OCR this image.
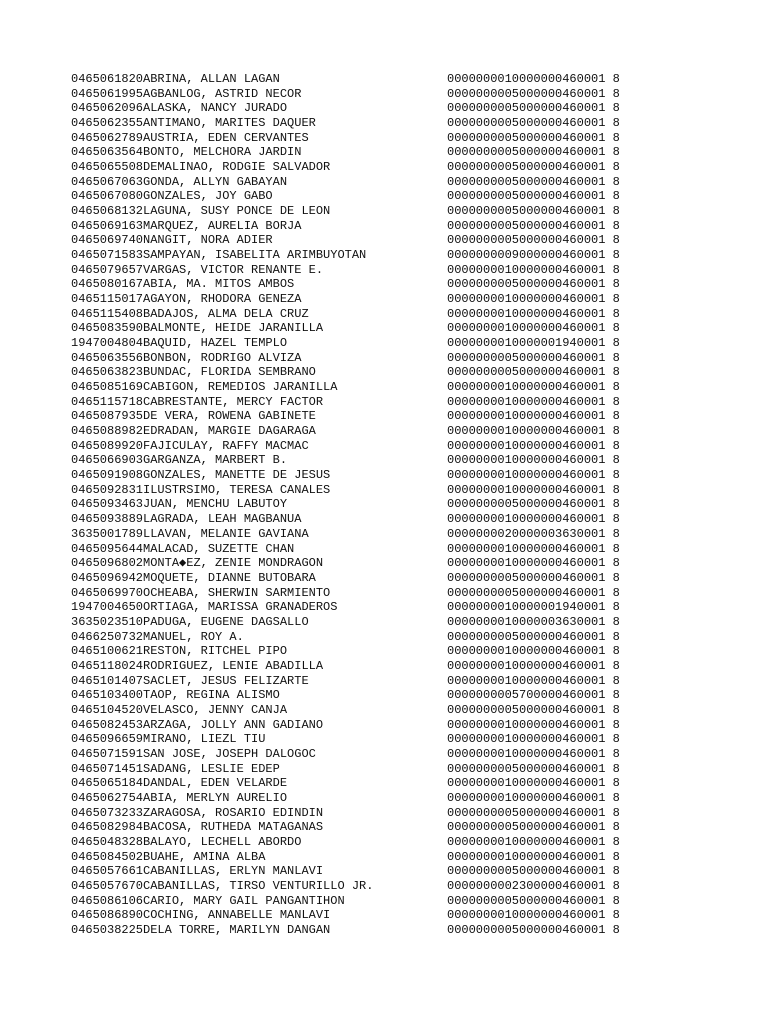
0465061820ABRINA, ALLAN LAGAN	0000000010000000460001 8
0465061995AGBANLOG, ASTRID NECOR	0000000005000000460001 8
0465062096ALASKA, NANCY JURADO	0000000005000000460001 8
0465062355ANTIMANO, MARITES DAQUER	0000000005000000460001 8
0465062789AUSTRIA, EDEN CERVANTES	0000000005000000460001 8
0465063564BONTO, MELCHORA JARDIN	0000000005000000460001 8
0465065508DEMALINAO, RODGIE SALVADOR	0000000005000000460001 8
0465067063GONDA, ALLYN GABAYAN	0000000005000000460001 8
0465067080GONZALES, JOY GABO	0000000005000000460001 8
0465068132LAGUNA, SUSY PONCE DE LEON	0000000005000000460001 8
0465069163MARQUEZ, AURELIA BORJA	0000000005000000460001 8
0465069740NANGIT, NORA ADIER	0000000005000000460001 8
0465071583SAMPAYAN, ISABELITA ARIMBUYOTAN	0000000009000000460001 8
0465079657VARGAS, VICTOR RENANTE E.	0000000010000000460001 8
0465080167ABIA, MA. MITOS AMBOS	0000000005000000460001 8
0465115017AGAYON, RHODORA GENEZA	0000000010000000460001 8
0465115408BADAJOS, ALMA DELA CRUZ	0000000010000000460001 8
0465083590BALMONTE, HEIDE JARANILLA	0000000010000000460001 8
1947004804BAQUID, HAZEL TEMPLO	0000000010000001940001 8
0465063556BONBON, RODRIGO ALVIZA	0000000005000000460001 8
0465063823BUNDAC, FLORIDA SEMBRANO	0000000005000000460001 8
0465085169CABIGON, REMEDIOS JARANILLA	0000000010000000460001 8
0465115718CABRESTANTE, MERCY FACTOR	0000000010000000460001 8
0465087935DE VERA, ROWENA GABINETE	0000000010000000460001 8
0465088982EDRADAN, MARGIE DAGARAGA	0000000010000000460001 8
0465089920FAJICULAY, RAFFY MACMAC	0000000010000000460001 8
0465066903GARGANZA, MARBERT B.	0000000010000000460001 8
0465091908GONZALES, MANETTE DE JESUS	0000000010000000460001 8
0465092831ILUSTRSIMO, TERESA CANALES	0000000010000000460001 8
0465093463JUAN, MENCHU LABUTOY	0000000005000000460001 8
0465093889LAGRADA, LEAH MAGBANUA	0000000010000000460001 8
3635001789LLAVAN, MELANIE GAVIANA	0000000020000003630001 8
0465095644MALACAD, SUZETTE CHAN	0000000010000000460001 8
0465096802MONTA◆EZ, ZENIE MONDRAGON	0000000010000000460001 8
0465096942MOQUETE, DIANNE BUTOBARA	0000000005000000460001 8
0465069970OCHEABA, SHERWIN SARMIENTO	0000000005000000460001 8
1947004650ORTIAGA, MARISSA GRANADEROS	0000000010000001940001 8
3635023510PADUGA, EUGENE DAGSALLO	0000000010000003630001 8
0466250732MANUEL, ROY A.	0000000005000000460001 8
0465100621RESTON, RITCHEL PIPO	0000000010000000460001 8
0465118024RODRIGUEZ, LENIE ABADILLA	0000000010000000460001 8
0465101407SACLET, JESUS FELIZARTE	0000000010000000460001 8
0465103400TAOP, REGINA ALISMO	0000000005700000460001 8
0465104520VELASCO, JENNY CANJA	0000000005000000460001 8
0465082453ARZAGA, JOLLY ANN GADIANO	0000000010000000460001 8
0465096659MIRANO, LIEZL TIU	0000000010000000460001 8
0465071591SAN JOSE, JOSEPH DALOGOC	0000000010000000460001 8
0465071451SADANG, LESLIE EDEP	0000000005000000460001 8
0465065184DANDAL, EDEN VELARDE	0000000010000000460001 8
0465062754ABIA, MERLYN AURELIO	0000000010000000460001 8
0465073233ZARAGOSA, ROSARIO EDINDIN	0000000005000000460001 8
0465082984BACOSA, RUTHEDA MATAGANAS	0000000005000000460001 8
0465048328BALAYO, LECHELL ABORDO	0000000010000000460001 8
0465084502BUAHE, AMINA ALBA	0000000010000000460001 8
0465057661CABANILLAS, ERLYN MANLAVI	0000000005000000460001 8
0465057670CABANILLAS, TIRSO VENTURILLO JR.	0000000002300000460001 8
0465086106CARIO, MARY GAIL PANGANTIHON	0000000005000000460001 8
0465086890COCHING, ANNABELLE MANLAVI	0000000010000000460001 8
0465038225DELA TORRE, MARILYN DANGAN	0000000005000000460001 8
